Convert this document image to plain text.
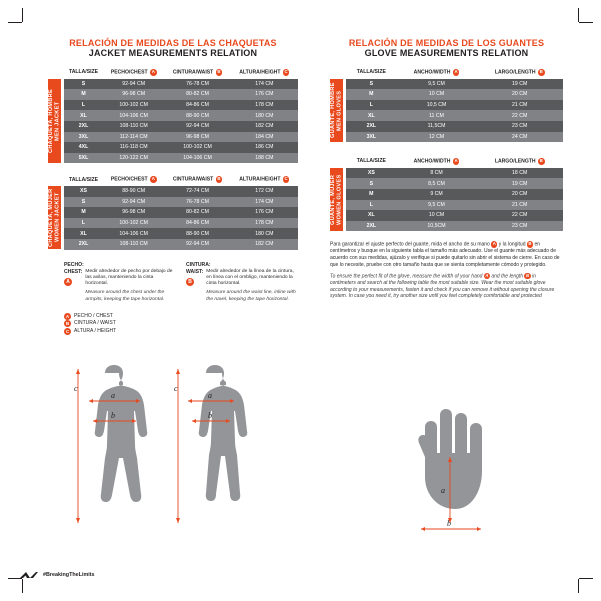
RELACIÓN DE MEDIDAS DE LAS CHAQUETAS
JACKET MEASUREMENTS RELATION
CHAQUETA, HOMBRE
MEN JACKET
TALLA/SIZE	PECHO/CHEST A	CINTURA/WAIST B	ALTURA/HEIGHT C
S	92-94 CM	76-78 CM	174 CM
M	96-98 CM	80-82 CM	176 CM
L	100-102 CM	84-86 CM	178 CM
XL	104-106 CM	88-90 CM	180 CM
2XL	108-110 CM	92-94 CM	182 CM
3XL	112-114 CM	96-98 CM	184 CM
4XL	116-118 CM	100-102 CM	186 CM
5XL	120-122 CM	104-106 CM	188 CM
CHAQUETA, MUJER
WOMEN JACKET
TALLA/SIZE	PECHO/CHEST A	CINTURA/WAIST B	ALTURA/HEIGHT C
XS	88-90 CM	72-74 CM	172 CM
S	92-94 CM	76-78 CM	174 CM
M	96-98 CM	80-82 CM	176 CM
L	100-102 CM	84-86 CM	178 CM
XL	104-106 CM	88-90 CM	180 CM
2XL	108-110 CM	92-94 CM	182 CM
PECHO:
CHEST:
A
Medir alrededor de pecho por debajo de las axilas, manteniendo la cinta horizontal.
Measure around the chest under the armpits, keeping the tape horizontal.
CINTURA:
WAIST:
B
Medir alrededor de la línea de la cintura, en línea con el ombligo, manteniendo la cinta horizontal.
Measure around the waist line, inline with the navel, keeping the tape horizontal.
A PECHO / CHEST
B CINTURA / WAIST
C ALTURA / HEIGHT
RELACIÓN DE MEDIDAS DE LOS GUANTES
GLOVE MEASUREMENTS RELATION
GUANTE, HOMBRE
MEN GLOVES
TALLA/SIZE	ANCHO/WIDTH A	LARGO/LENGTH B
S	9,5 CM	19 CM
M	10 CM	20 CM
L	10,5 CM	21 CM
XL	11 CM	22 CM
2XL	11,5CM	23 CM
3XL	12 CM	24 CM
GUANTE, MUJER
WOMEN GLOVES
TALLA/SIZE	ANCHO/WIDTH A	LARGO/LENGTH B
XS	8 CM	18 CM
S	8,5 CM	19 CM
M	9 CM	20 CM
L	9,5 CM	21 CM
XL	10 CM	22 CM
2XL	10,5CM	23 CM
Para garantizar el ajuste perfecto del guante, mida el ancho de su mano A y la longitud B en centímetros y busque en la siguiente tabla el tamaño más adecuado. Use el guante más adecuado de acuerdo con sus medidas, ajúzalo y verifique si puede quitarlo sin abrir el sistema de cierre. En caso de que lo necesite, pruebe con otro tamaño hasta que se sienta completamente cómodo y protegido.
To ensure the perfect fit of the glove, measure the width of your hand A and the length B in centimeters and search at the following table the most suitable size. Wear the most suitable glove according to your measurements, fasten it and check if you can remove it without opening the closure system. In case you need it, try another size until you feel completely comfortable and protected
c
a
b
c
a
b
a
b
#BreakingTheLimits
